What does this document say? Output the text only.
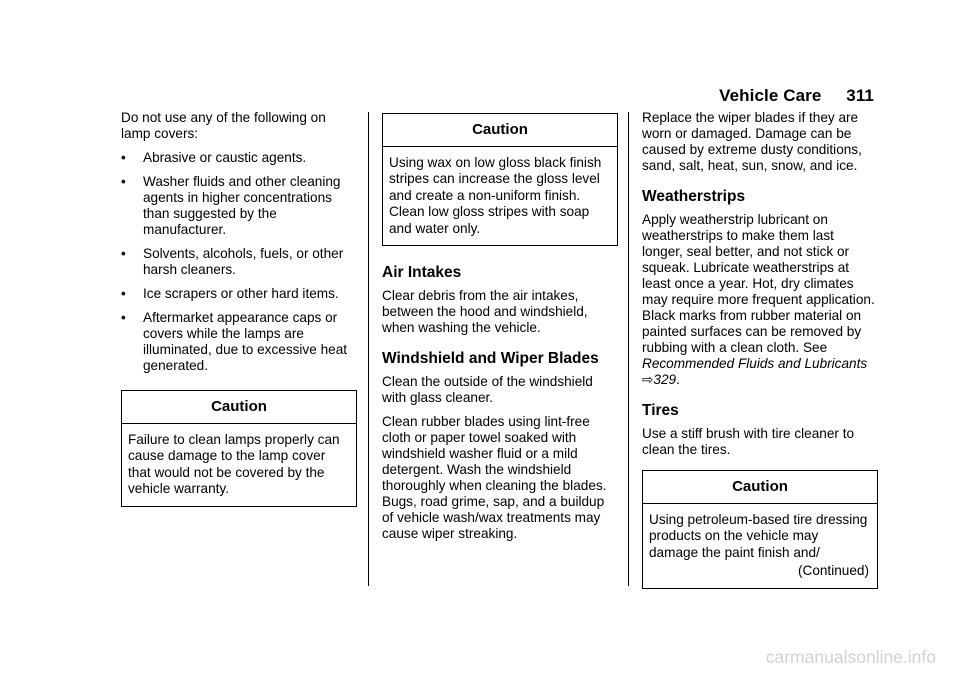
Vehicle Care 311

Do not use any of the following on lamp covers:

•	Abrasive or caustic agents.
•	Washer fluids and other cleaning agents in higher concentrations than suggested by the manufacturer.
•	Solvents, alcohols, fuels, or other harsh cleaners.
•	Ice scrapers or other hard items.
•	Aftermarket appearance caps or covers while the lamps are illuminated, due to excessive heat generated.
Caution
Failure to clean lamps properly can cause damage to the lamp cover that would not be covered by the vehicle warranty.
Caution
Using wax on low gloss black finish stripes can increase the gloss level and create a non-uniform finish. Clean low gloss stripes with soap and water only.
Air Intakes

Clear debris from the air intakes, between the hood and windshield, when washing the vehicle.

Windshield and Wiper Blades

Clean the outside of the windshield with glass cleaner.

Clean rubber blades using lint-free cloth or paper towel soaked with windshield washer fluid or a mild detergent. Wash the windshield thoroughly when cleaning the blades. Bugs, road grime, sap, and a buildup of vehicle wash/wax treatments may cause wiper streaking.

Replace the wiper blades if they are worn or damaged. Damage can be caused by extreme dusty conditions, sand, salt, heat, sun, snow, and ice.

Weatherstrips

Apply weatherstrip lubricant on weatherstrips to make them last longer, seal better, and not stick or squeak. Lubricate weatherstrips at least once a year. Hot, dry climates may require more frequent application. Black marks from rubber material on painted surfaces can be removed by rubbing with a clean cloth. See Recommended Fluids and Lubricants ⇨329.

Tires

Use a stiff brush with tire cleaner to clean the tires.

Caution
Using petroleum-based tire dressing products on the vehicle may damage the paint finish and/
(Continued)
carmanualsonline.info
